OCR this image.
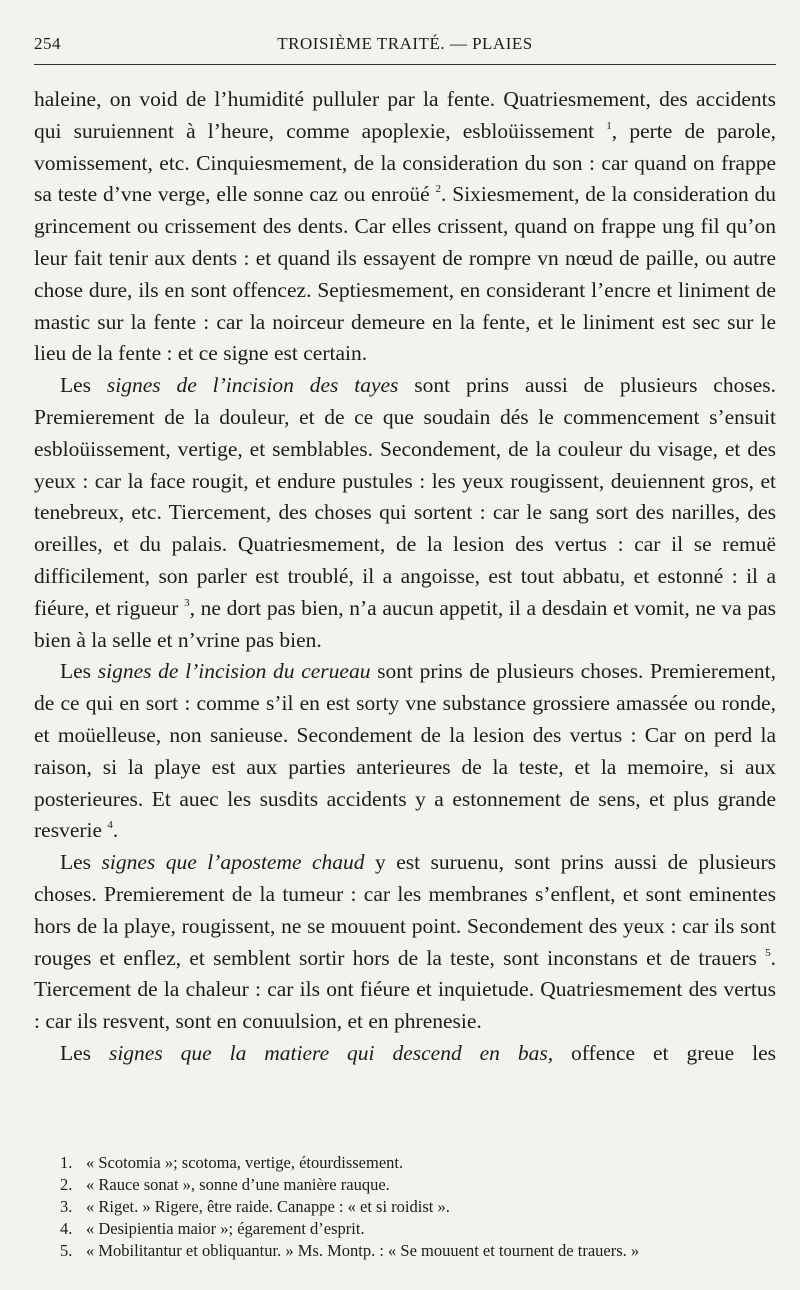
254	TROISIÈME TRAITÉ. — PLAIES

haleine, on void de l’humidité pulluler par la fente. Quatriesmement, des accidents qui suruiennent à l’heure, comme apoplexie, esbloüissement $^1$, perte de parole, vomissement, etc. Cinquiesmement, de la consideration du son : car quand on frappe sa teste d’vne verge, elle sonne caz ou enroüé $^2$. Sixiesmement, de la consideration du grincement ou crissement des dents. Car elles crissent, quand on frappe ung fil qu’on leur fait tenir aux dents : et quand ils essayent de rompre vn nœud de paille, ou autre chose dure, ils en sont offencez. Septiesmement, en considerant l’encre et liniment de mastic sur la fente : car la noirceur demeure en la fente, et le liniment est sec sur le lieu de la fente : et ce signe est certain.

Les signes de l’incision des tayes sont prins aussi de plusieurs choses. Premierement de la douleur, et de ce que soudain dés le commencement s’ensuit esbloüissement, vertige, et semblables. Secondement, de la couleur du visage, et des yeux : car la face rougit, et endure pustules : les yeux rougissent, deuiennent gros, et tenebreux, etc. Tiercement, des choses qui sortent : car le sang sort des narilles, des oreilles, et du palais. Quatriesmement, de la lesion des vertus : car il se remuë difficilement, son parler est troublé, il a angoisse, est tout abbatu, et estonné : il a fiéure, et rigueur $^3$, ne dort pas bien, n’a aucun appetit, il a desdain et vomit, ne va pas bien à la selle et n’vrine pas bien.

Les signes de l’incision du cerueau sont prins de plusieurs choses. Premierement, de ce qui en sort : comme s’il en est sorty vne substance grossiere amassée ou ronde, et moüelleuse, non sanieuse. Secondement de la lesion des vertus : Car on perd la raison, si la playe est aux parties anterieures de la teste, et la memoire, si aux posterieures. Et auec les susdits accidents y a estonnement de sens, et plus grande resverie $^4$.

Les signes que l’aposteme chaud y est suruenu, sont prins aussi de plusieurs choses. Premierement de la tumeur : car les membranes s’enflent, et sont eminentes hors de la playe, rougissent, ne se mouuent point. Secondement des yeux : car ils sont rouges et enflez, et semblent sortir hors de la teste, sont inconstans et de trauers $^5$. Tiercement de la chaleur : car ils ont fiéure et inquietude. Quatriesmement des vertus : car ils resvent, sont en conuulsion, et en phrenesie.

Les signes que la matiere qui descend en bas, offence et greue les

1. « Scotomia »; scotoma, vertige, étourdissement.

2. « Rauce sonat », sonne d’une manière rauque.

3. « Riget. » Rigere, être raide. Canappe : « et si roidist ».

4. « Desipientia maior »; égarement d’esprit.

5. « Mobilitantur et obliquantur. » Ms. Montp. : « Se mouuent et tournent de trauers. »
